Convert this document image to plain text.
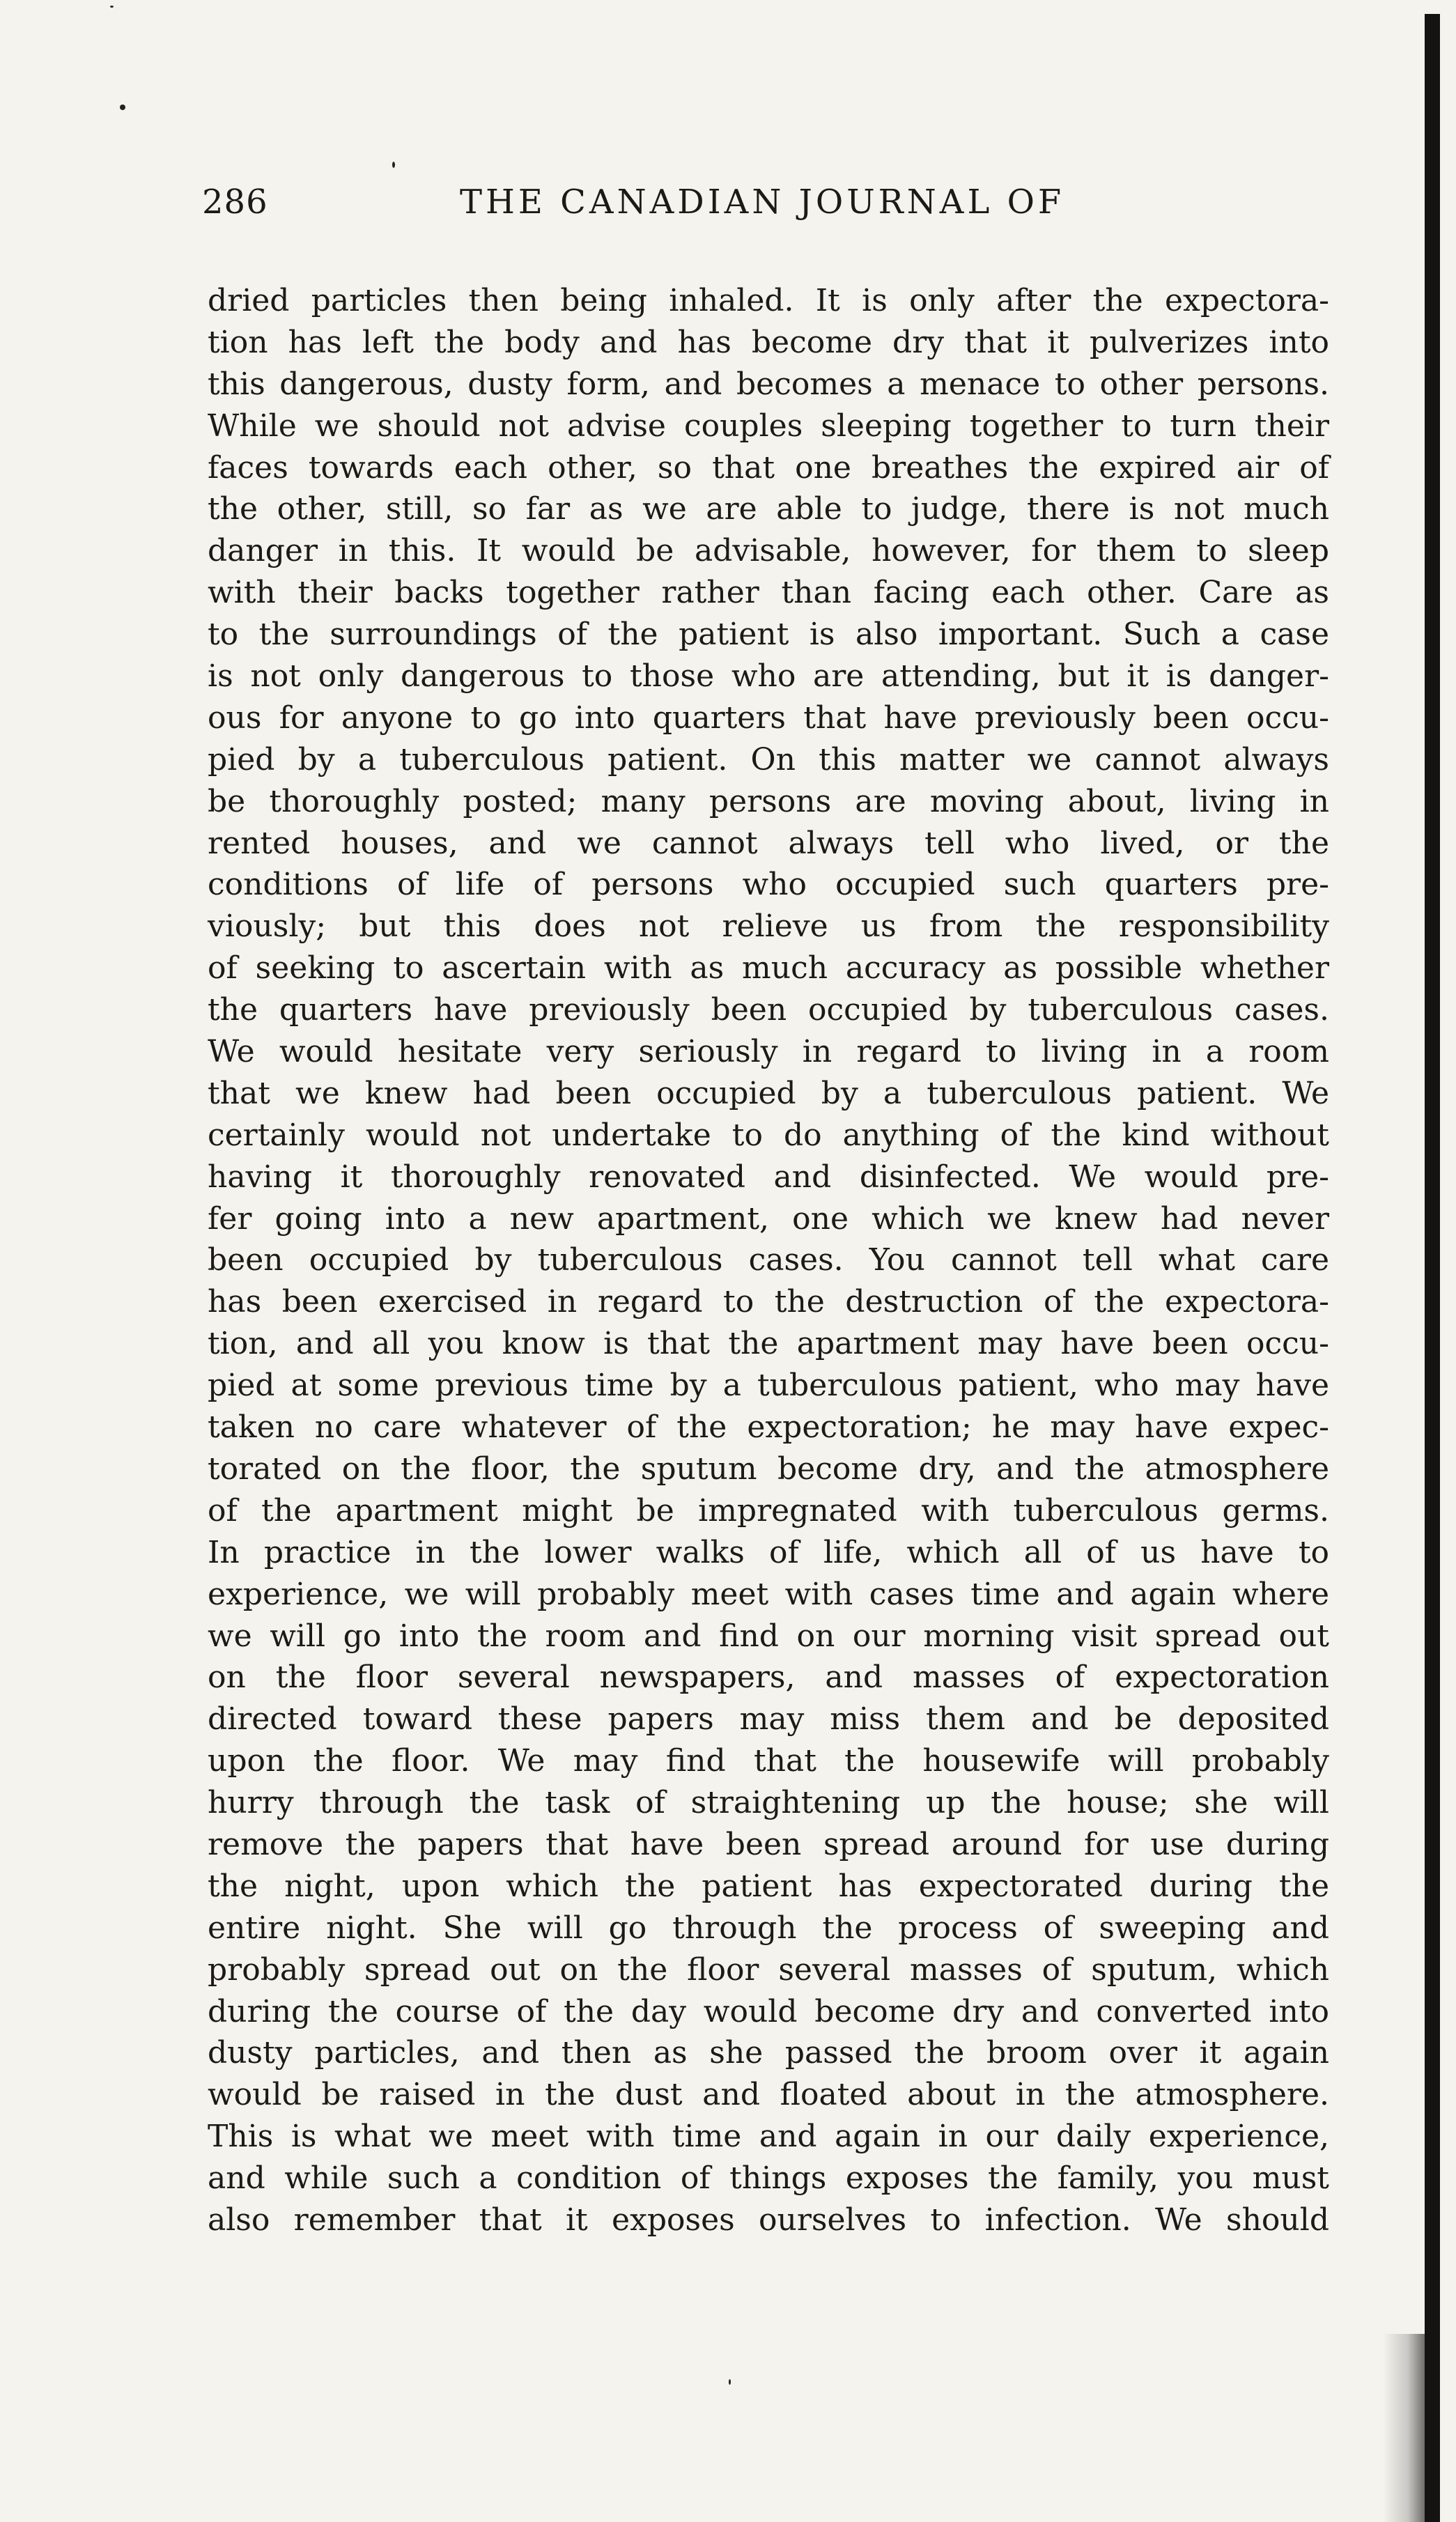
286	THE CANADIAN JOURNAL OF
dried particles then being inhaled. It is only after the expectora-
tion has left the body and has become dry that it pulverizes into
this dangerous, dusty form, and becomes a menace to other persons.
While we should not advise couples sleeping together to turn their
faces towards each other, so that one breathes the expired air of
the other, still, so far as we are able to judge, there is not much
danger in this. It would be advisable, however, for them to sleep
with their backs together rather than facing each other. Care as
to the surroundings of the patient is also important. Such a case
is not only dangerous to those who are attending, but it is danger-
ous for anyone to go into quarters that have previously been occu-
pied by a tuberculous patient. On this matter we cannot always
be thoroughly posted; many persons are moving about, living in
rented houses, and we cannot always tell who lived, or the
conditions of life of persons who occupied such quarters pre-
viously; but this does not relieve us from the responsibility
of seeking to ascertain with as much accuracy as possible whether
the quarters have previously been occupied by tuberculous cases.
We would hesitate very seriously in regard to living in a room
that we knew had been occupied by a tuberculous patient. We
certainly would not undertake to do anything of the kind without
having it thoroughly renovated and disinfected. We would pre-
fer going into a new apartment, one which we knew had never
been occupied by tuberculous cases. You cannot tell what care
has been exercised in regard to the destruction of the expectora-
tion, and all you know is that the apartment may have been occu-
pied at some previous time by a tuberculous patient, who may have
taken no care whatever of the expectoration; he may have expec-
torated on the floor, the sputum become dry, and the atmosphere
of the apartment might be impregnated with tuberculous germs.
In practice in the lower walks of life, which all of us have to
experience, we will probably meet with cases time and again where
we will go into the room and find on our morning visit spread out
on the floor several newspapers, and masses of expectoration
directed toward these papers may miss them and be deposited
upon the floor. We may find that the housewife will probably
hurry through the task of straightening up the house; she will
remove the papers that have been spread around for use during
the night, upon which the patient has expectorated during the
entire night. She will go through the process of sweeping and
probably spread out on the floor several masses of sputum, which
during the course of the day would become dry and converted into
dusty particles, and then as she passed the broom over it again
would be raised in the dust and floated about in the atmosphere.
This is what we meet with time and again in our daily experience,
and while such a condition of things exposes the family, you must
also remember that it exposes ourselves to infection. We should
